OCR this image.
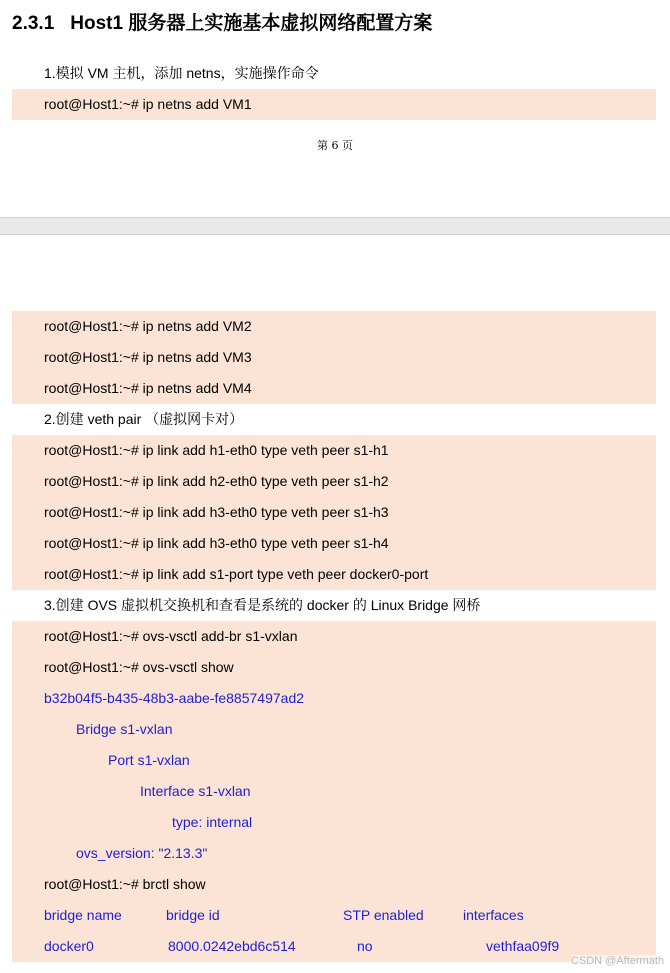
2.3.1 Host1 服务器上实施基本虚拟网络配置方案
1.模拟 VM 主机，添加 netns，实施操作命令
root@Host1:~# ip netns add VM1
第 6 页
root@Host1:~# ip netns add VM2
root@Host1:~# ip netns add VM3
root@Host1:~# ip netns add VM4
2.创建 veth pair （虚拟网卡对）
root@Host1:~# ip link add h1-eth0 type veth peer s1-h1
root@Host1:~# ip link add h2-eth0 type veth peer s1-h2
root@Host1:~# ip link add h3-eth0 type veth peer s1-h3
root@Host1:~# ip link add h3-eth0 type veth peer s1-h4
root@Host1:~# ip link add s1-port type veth peer docker0-port
3.创建 OVS 虚拟机交换机和查看是系统的 docker 的 Linux Bridge 网桥
root@Host1:~# ovs-vsctl add-br s1-vxlan
root@Host1:~# ovs-vsctl show
b32b04f5-b435-48b3-aabe-fe8857497ad2
Bridge s1-vxlan
Port s1-vxlan
Interface s1-vxlan
type: internal
ovs_version: "2.13.3"
root@Host1:~# brctl show
bridge name	bridge id	STP enabled	interfaces
docker0	8000.0242ebd6c514	no	vethfaa09f9
CSDN @Aftermath
